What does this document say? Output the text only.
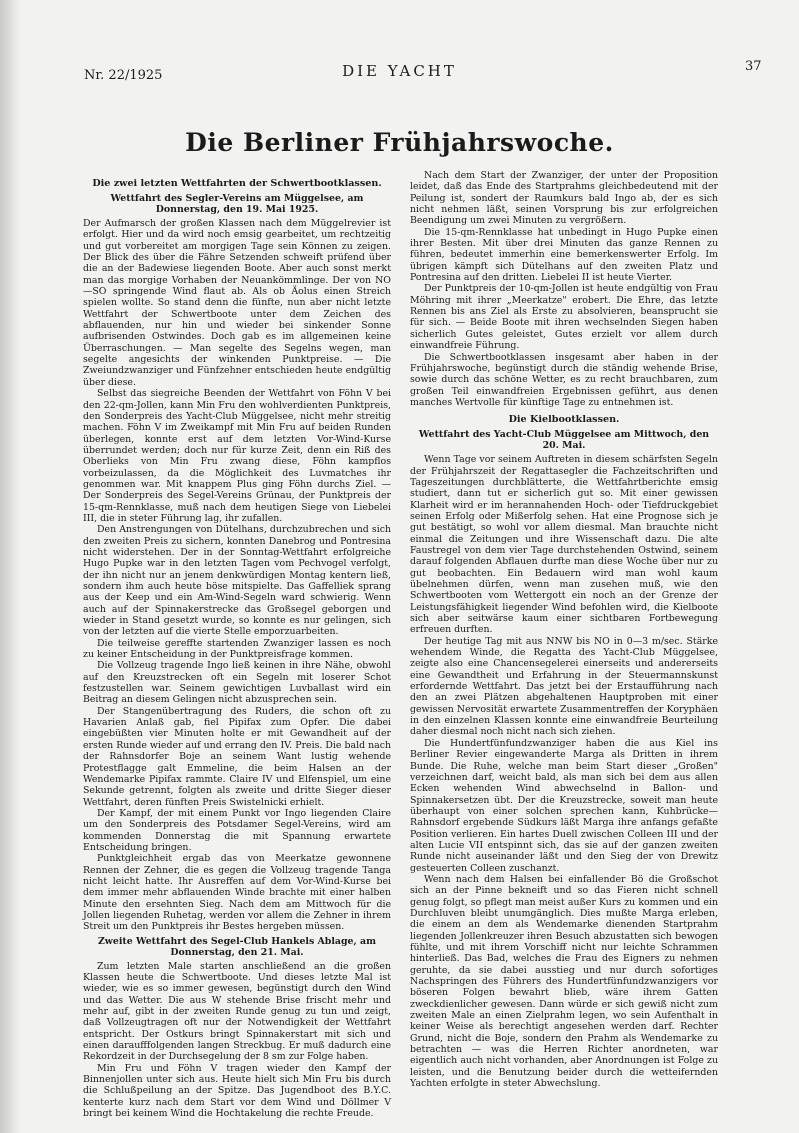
Nr. 22/1925	DIE YACHT	37
Die Berliner Frühjahrswoche.
Die zwei letzten Wettfahrten der Schwertbootklassen.
Wettfahrt des Segler-Vereins am Müggelsee, am Donnerstag, den 19. Mai 1925.

Der Aufmarsch der großen Klassen nach dem Müggelrevier ist erfolgt. Hier und da wird noch emsig gearbeitet, um rechtzeitig und gut vorbereitet am morgigen Tage sein Können zu zeigen. Der Blick des über die Fähre Setzenden schweift prüfend über die an der Badewiese liegenden Boote. Aber auch sonst merkt man das morgige Vorhaben der Neuankömmlinge. Der von NO—SO springende Wind flaut ab. Als ob Äolus einen Streich spielen wollte. So stand denn die fünfte, nun aber nicht letzte Wettfahrt der Schwertboote unter dem Zeichen des abflauenden, nur hin und wieder bei sinkender Sonne aufbrisenden Ostwindes. Doch gab es im allgemeinen keine Überraschungen. — Man segelte des Segelns wegen, man segelte angesichts der winkenden Punktpreise. — Die Zweiundzwanziger und Fünfzehner entschieden heute endgültig über diese.

Selbst das siegreiche Beenden der Wettfahrt von Föhn V bei den 22-qm-Jollen, kann Min Fru den wohlverdienten Punktpreis, den Sonderpreis des Yacht-Club Müggelsee, nicht mehr streitig machen. Föhn V im Zweikampf mit Min Fru auf beiden Runden überlegen, konnte erst auf dem letzten Vor-Wind-Kurse überrundet werden; doch nur für kurze Zeit, denn ein Riß des Oberlieks von Min Fru zwang diese, Föhn kampflos vorbeizulassen, da die Möglichkeit des Luvmatches ihr genommen war. Mit knappem Plus ging Föhn durchs Ziel. — Der Sonderpreis des Segel-Vereins Grünau, der Punktpreis der 15-qm-Rennklasse, muß nach dem heutigen Siege von Liebelei III, die in steter Führung lag, ihr zufallen.

Den Anstrengungen von Dütelhans, durchzubrechen und sich den zweiten Preis zu sichern, konnten Danebrog und Pontresina nicht widerstehen. Der in der Sonntag-Wettfahrt erfolgreiche Hugo Pupke war in den letzten Tagen vom Pechvogel verfolgt, der ihn nicht nur an jenem denkwürdigen Montag kentern ließ, sondern ihm auch heute böse mitspielte. Das Gaffelliek sprang aus der Keep und ein Am-Wind-Segeln ward schwierig. Wenn auch auf der Spinnakerstrecke das Großsegel geborgen und wieder in Stand gesetzt wurde, so konnte es nur gelingen, sich von der letzten auf die vierte Stelle emporzuarbeiten.

Die teilweise gereffte startenden Zwanziger lassen es noch zu keiner Entscheidung in der Punktpreisfrage kommen.

Die Vollzeug tragende Ingo ließ keinen in ihre Nähe, obwohl auf den Kreuzstrecken oft ein Segeln mit loserer Schot festzustellen war. Seinem gewichtigen Luvballast wird ein Beitrag an diesem Gelingen nicht abzusprechen sein.

Der Stangenübertragung des Ruders, die schon oft zu Havarien Anlaß gab, fiel Pipifax zum Opfer. Die dabei eingebüßten vier Minuten holte er mit Gewandheit auf der ersten Runde wieder auf und errang den IV. Preis. Die bald nach der Rahnsdorfer Boje an seinem Want lustig wehende Protestflagge galt Emmeline, die beim Halsen an der Wendemarke Pipifax rammte. Claire IV und Elfenspiel, um eine Sekunde getrennt, folgten als zweite und dritte Sieger dieser Wettfahrt, deren fünften Preis Swistelnicki erhielt.

Der Kampf, der mit einem Punkt vor Ingo liegenden Claire um den Sonderpreis des Potsdamer Segel-Vereins, wird am kommenden Donnerstag die mit Spannung erwartete Entscheidung bringen.

Punktgleichheit ergab das von Meerkatze gewonnene Rennen der Zehner, die es gegen die Vollzeug tragende Tanga nicht leicht hatte. Ihr Ausreffen auf dem Vor-Wind-Kurse bei dem immer mehr abflauenden Winde brachte mit einer halben Minute den ersehnten Sieg. Nach dem am Mittwoch für die Jollen liegenden Ruhetag, werden vor allem die Zehner in ihrem Streit um den Punktpreis ihr Bestes hergeben müssen.

Zweite Wettfahrt des Segel-Club Hankels Ablage, am Donnerstag, den 21. Mai.

Zum letzten Male starten anschließend an die großen Klassen heute die Schwertboote. Und dieses letzte Mal ist wieder, wie es so immer gewesen, begünstigt durch den Wind und das Wetter. Die aus W stehende Brise frischt mehr und mehr auf, gibt in der zweiten Runde genug zu tun und zeigt, daß Vollzeugtragen oft nur der Notwendigkeit der Wettfahrt entspricht. Der Ostkurs bringt Spinnakerstart mit sich und einen daraufffolgenden langen Streckbug. Er muß dadurch eine Rekordzeit in der Durchsegelung der 8 sm zur Folge haben.

Min Fru und Föhn V tragen wieder den Kampf der Binnenjollen unter sich aus. Heute hielt sich Min Fru bis durch die Schlußpeilung an der Spitze. Das Jugendboot des B.Y.C. kenterte kurz nach dem Start vor dem Wind und Döllmer V bringt bei keinem Wind die Hochtakelung die rechte Freude.

Nach dem Start der Zwanziger, der unter der Proposition leidet, daß das Ende des Startprahms gleichbedeutend mit der Peilung ist, sondert der Raumkurs bald Ingo ab, der es sich nicht nehmen läßt, seinen Vorsprung bis zur erfolgreichen Beendigung um zwei Minuten zu vergrößern.

Die 15-qm-Rennklasse hat unbedingt in Hugo Pupke einen ihrer Besten. Mit über drei Minuten das ganze Rennen zu führen, bedeutet immerhin eine bemerkenswerter Erfolg. Im übrigen kämpft sich Dütelhans auf den zweiten Platz und Pontresina auf den dritten. Liebelei II ist heute Vierter.

Der Punktpreis der 10-qm-Jollen ist heute endgültig von Frau Möhring mit ihrer „Meerkatze" erobert. Die Ehre, das letzte Rennen bis ans Ziel als Erste zu absolvieren, beansprucht sie für sich. — Beide Boote mit ihren wechselnden Siegen haben sicherlich Gutes geleistet, Gutes erzielt vor allem durch einwandfreie Führung.

Die Schwertbootklassen insgesamt aber haben in der Frühjahrswoche, begünstigt durch die ständig wehende Brise, sowie durch das schöne Wetter, es zu recht brauchbaren, zum großen Teil einwandfreien Ergebnissen geführt, aus denen manches Wertvolle für künftige Tage zu entnehmen ist.

Die Kielbootklassen.
Wettfahrt des Yacht-Club Müggelsee am Mittwoch, den 20. Mai.

Wenn Tage vor seinem Auftreten in diesem schärfsten Segeln der Frühjahrszeit der Regattasegler die Fachzeitschriften und Tageszeitungen durchblätterte, die Wettfahrtberichte emsig studiert, dann tut er sicherlich gut so. Mit einer gewissen Klarheit wird er im herannahenden Hoch- oder Tiefdruckgebiet seinen Erfolg oder Mißerfolg sehen. Hat eine Prognose sich je gut bestätigt, so wohl vor allem diesmal. Man brauchte nicht einmal die Zeitungen und ihre Wissenschaft dazu. Die alte Faustregel von dem vier Tage durchstehenden Ostwind, seinem darauf folgenden Abflauen durfte man diese Woche über nur zu gut beobachten. Ein Bedauern wird man wohl kaum übelnehmen dürfen, wenn man zusehen muß, wie den Schwertbooten vom Wettergott ein noch an der Grenze der Leistungsfähigkeit liegender Wind befohlen wird, die Kielboote sich aber seitwärse kaum einer sichtbaren Fortbewegung erfreuen durften.

Der heutige Tag mit aus NNW bis NO in 0—3 m/sec. Stärke wehendem Winde, die Regatta des Yacht-Club Müggelsee, zeigte also eine Chancensegelerei einerseits und andererseits eine Gewandtheit und Erfahrung in der Steuermannskunst erfordernde Wettfahrt. Das jetzt bei der Erstaufführung nach den an zwei Plätzen abgehaltenen Hauptproben mit einer gewissen Nervosität erwartete Zusammentreffen der Koryphäen in den einzelnen Klassen konnte eine einwandfreie Beurteilung daher diesmal noch nicht nach sich ziehen.

Die Hundertfünfundzwanziger haben die aus Kiel ins Berliner Revier eingewanderte Marga als Dritten in ihrem Bunde. Die Ruhe, welche man beim Start dieser „Großen" verzeichnen darf, weicht bald, als man sich bei dem aus allen Ecken wehenden Wind abwechselnd in Ballon- und Spinnakersetzen übt. Der die Kreuzstrecke, soweit man heute überhaupt von einer solchen sprechen kann, Kuhbrücke—Rahnsdorf ergebende Südkurs läßt Marga ihre anfangs gefaßte Position verlieren. Ein hartes Duell zwischen Colleen III und der alten Lucie VII entspinnt sich, das sie auf der ganzen zweiten Runde nicht auseinander läßt und den Sieg der von Drewitz gesteuerten Colleen zuschanzt.

Wenn nach dem Halsen bei einfallender Bö die Großschot sich an der Pinne bekneift und so das Fieren nicht schnell genug folgt, so pflegt man meist außer Kurs zu kommen und ein Durchluven bleibt unumgänglich. Dies mußte Marga erleben, die einem an dem als Wendemarke dienenden Startprahm liegenden Jollenkreuzer ihren Besuch abzustatten sich bewogen fühlte, und mit ihrem Vorschiff nicht nur leichte Schrammen hinterließ. Das Bad, welches die Frau des Eigners zu nehmen geruhte, da sie dabei ausstieg und nur durch sofortiges Nachspringen des Führers des Hundertfünfundzwanzigers vor böseren Folgen bewahrt blieb, wäre ihrem Gatten zweckdienlicher gewesen. Dann würde er sich gewiß nicht zum zweiten Male an einen Zielprahm legen, wo sein Aufenthalt in keiner Weise als berechtigt angesehen werden darf. Rechter Grund, nicht die Boje, sondern den Prahm als Wendemarke zu betrachten — was die Herren Richter anordneten, war eigentlich auch nicht vorhanden, aber Anordnungen ist Folge zu leisten, und die Benutzung beider durch die wetteifernden Yachten erfolgte in steter Abwechslung.
